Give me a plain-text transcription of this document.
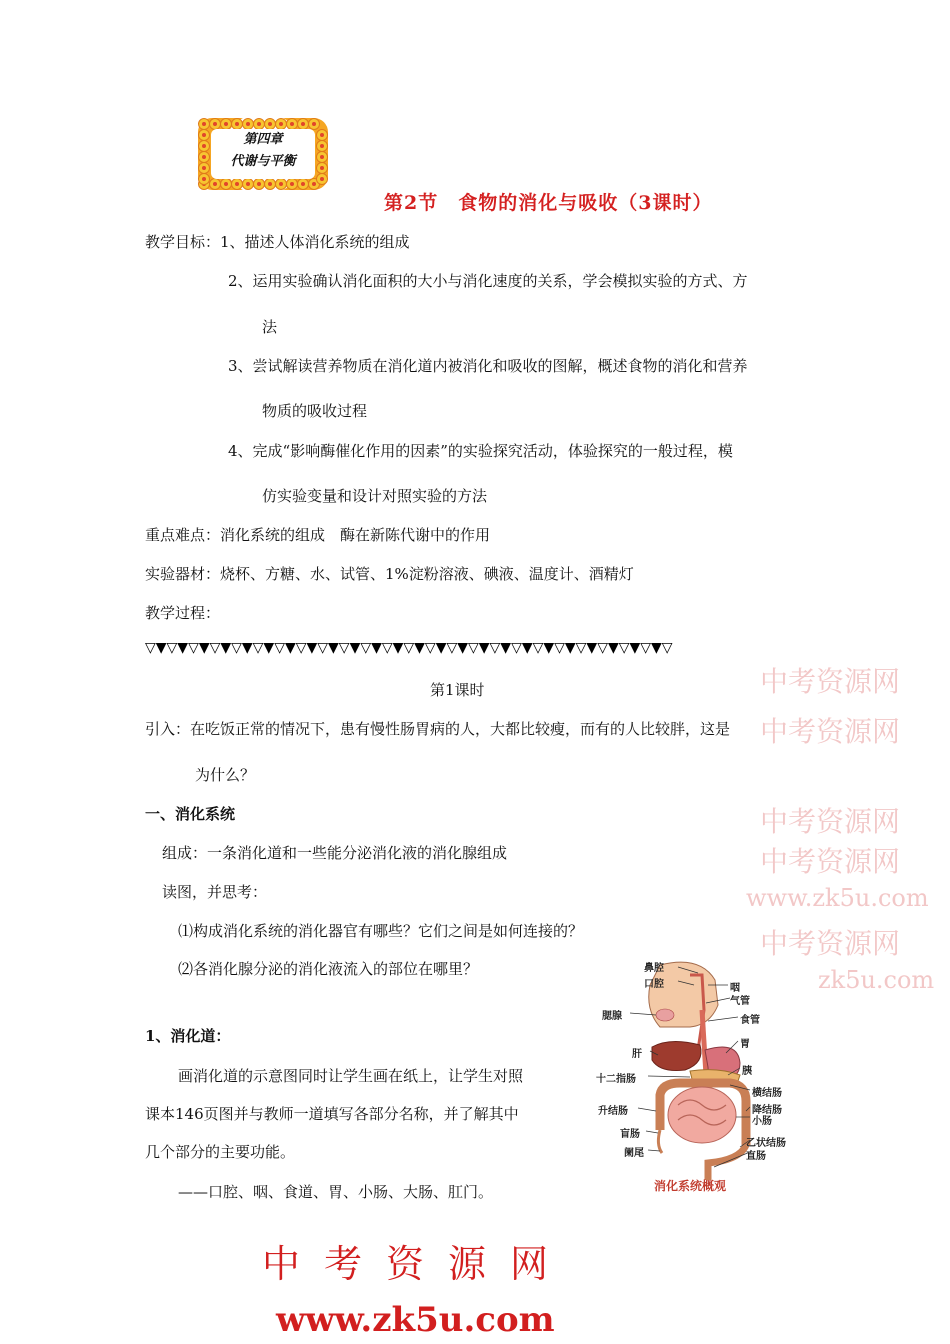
第四章
代谢与平衡
第2节　食物的消化与吸收（3课时）
教学目标：1、描述人体消化系统的组成
2、运用实验确认消化面积的大小与消化速度的关系，学会模拟实验的方式、方
法
3、尝试解读营养物质在消化道内被消化和吸收的图解，概述食物的消化和营养
物质的吸收过程
4、完成“影响酶催化作用的因素”的实验探究活动，体验探究的一般过程，模
仿实验变量和设计对照实验的方法
重点难点：消化系统的组成　酶在新陈代谢中的作用
实验器材：烧杯、方糖、水、试管、1%淀粉溶液、碘液、温度计、酒精灯
教学过程：
▽▼▽▼▽▼▽▼▽▼▽▼▽▼▽▼▽▼▽▼▽▼▽▼▽▼▽▼▽▼▽▼▽▼▽▼▽▼▽▼▽▼▽▼▽▼▽▼▽
中考资源网
中考资源网
中考资源网
中考资源网
www.zk5u.com
中考资源网
zk5u.com
第1课时
引入：在吃饭正常的情况下，患有慢性肠胃病的人，大都比较瘦，而有的人比较胖，这是
为什么？
一、消化系统
组成：一条消化道和一些能分泌消化液的消化腺组成
读图，并思考：
⑴构成消化系统的消化器官有哪些？它们之间是如何连接的？
⑵各消化腺分泌的消化液流入的部位在哪里？
1、消化道：
画消化道的示意图同时让学生画在纸上，让学生对照
课本146页图并与教师一道填写各部分名称，并了解其中
几个部分的主要功能。
——口腔、咽、食道、胃、小肠、大肠、肛门。
鼻腔
口腔	咽
气管
食管
腮腺
胃
肝
胰
十二指肠
横结肠
升结肠	降结肠
小肠
盲肠
乙状结肠
阑尾	直肠
消化系统概观
中考资源网
www.zk5u.com
